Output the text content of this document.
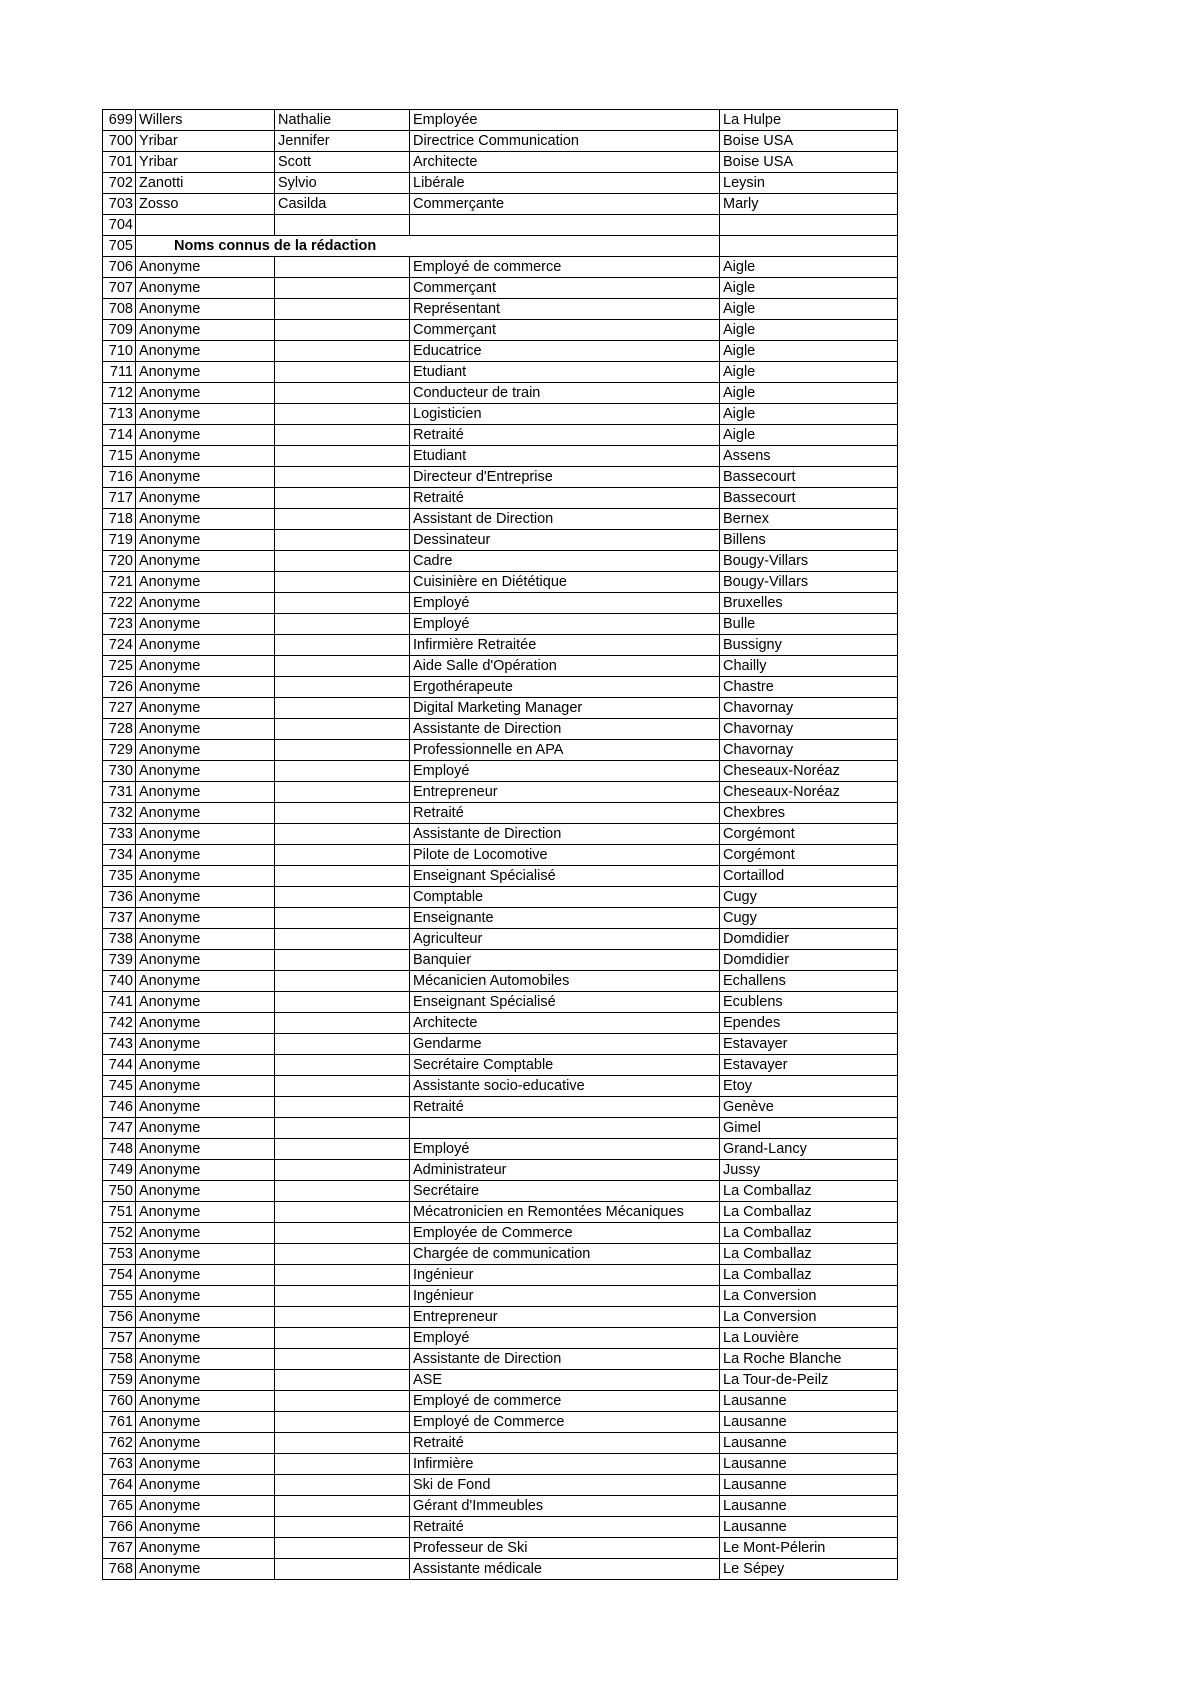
699	Willers	Nathalie	Employée	La Hulpe
700	Yribar	Jennifer	Directrice Communication	Boise USA
701	Yribar	Scott	Architecte	Boise USA
702	Zanotti	Sylvio	Libérale	Leysin
703	Zosso	Casilda	Commerçante	Marly
704				
705	Noms connus de la rédaction			
706	Anonyme		Employé de commerce	Aigle
707	Anonyme		Commerçant	Aigle
708	Anonyme		Représentant	Aigle
709	Anonyme		Commerçant	Aigle
710	Anonyme		Educatrice	Aigle
711	Anonyme		Etudiant	Aigle
712	Anonyme		Conducteur de train	Aigle
713	Anonyme		Logisticien	Aigle
714	Anonyme		Retraité	Aigle
715	Anonyme		Etudiant	Assens
716	Anonyme		Directeur d'Entreprise	Bassecourt
717	Anonyme		Retraité	Bassecourt
718	Anonyme		Assistant de Direction	Bernex
719	Anonyme		Dessinateur	Billens
720	Anonyme		Cadre	Bougy-Villars
721	Anonyme		Cuisinière en Diététique	Bougy-Villars
722	Anonyme		Employé	Bruxelles
723	Anonyme		Employé	Bulle
724	Anonyme		Infirmière Retraitée	Bussigny
725	Anonyme		Aide Salle d'Opération	Chailly
726	Anonyme		Ergothérapeute	Chastre
727	Anonyme		Digital Marketing Manager	Chavornay
728	Anonyme		Assistante de Direction	Chavornay
729	Anonyme		Professionnelle en APA	Chavornay
730	Anonyme		Employé	Cheseaux-Noréaz
731	Anonyme		Entrepreneur	Cheseaux-Noréaz
732	Anonyme		Retraité	Chexbres
733	Anonyme		Assistante de Direction	Corgémont
734	Anonyme		Pilote de Locomotive	Corgémont
735	Anonyme		Enseignant Spécialisé	Cortaillod
736	Anonyme		Comptable	Cugy
737	Anonyme		Enseignante	Cugy
738	Anonyme		Agriculteur	Domdidier
739	Anonyme		Banquier	Domdidier
740	Anonyme		Mécanicien Automobiles	Echallens
741	Anonyme		Enseignant Spécialisé	Ecublens
742	Anonyme		Architecte	Ependes
743	Anonyme		Gendarme	Estavayer
744	Anonyme		Secrétaire Comptable	Estavayer
745	Anonyme		Assistante socio-educative	Etoy
746	Anonyme		Retraité	Genève
747	Anonyme			Gimel
748	Anonyme		Employé	Grand-Lancy
749	Anonyme		Administrateur	Jussy
750	Anonyme		Secrétaire	La Comballaz
751	Anonyme		Mécatronicien en Remontées Mécaniques	La Comballaz
752	Anonyme		Employée de Commerce	La Comballaz
753	Anonyme		Chargée de communication	La Comballaz
754	Anonyme		Ingénieur	La Comballaz
755	Anonyme		Ingénieur	La Conversion
756	Anonyme		Entrepreneur	La Conversion
757	Anonyme		Employé	La Louvière
758	Anonyme		Assistante de Direction	La Roche Blanche
759	Anonyme		ASE	La Tour-de-Peilz
760	Anonyme		Employé de commerce	Lausanne
761	Anonyme		Employé de Commerce	Lausanne
762	Anonyme		Retraité	Lausanne
763	Anonyme		Infirmière	Lausanne
764	Anonyme		Ski de Fond	Lausanne
765	Anonyme		Gérant d'Immeubles	Lausanne
766	Anonyme		Retraité	Lausanne
767	Anonyme		Professeur de Ski	Le Mont-Pélerin
768	Anonyme		Assistante médicale	Le Sépey
